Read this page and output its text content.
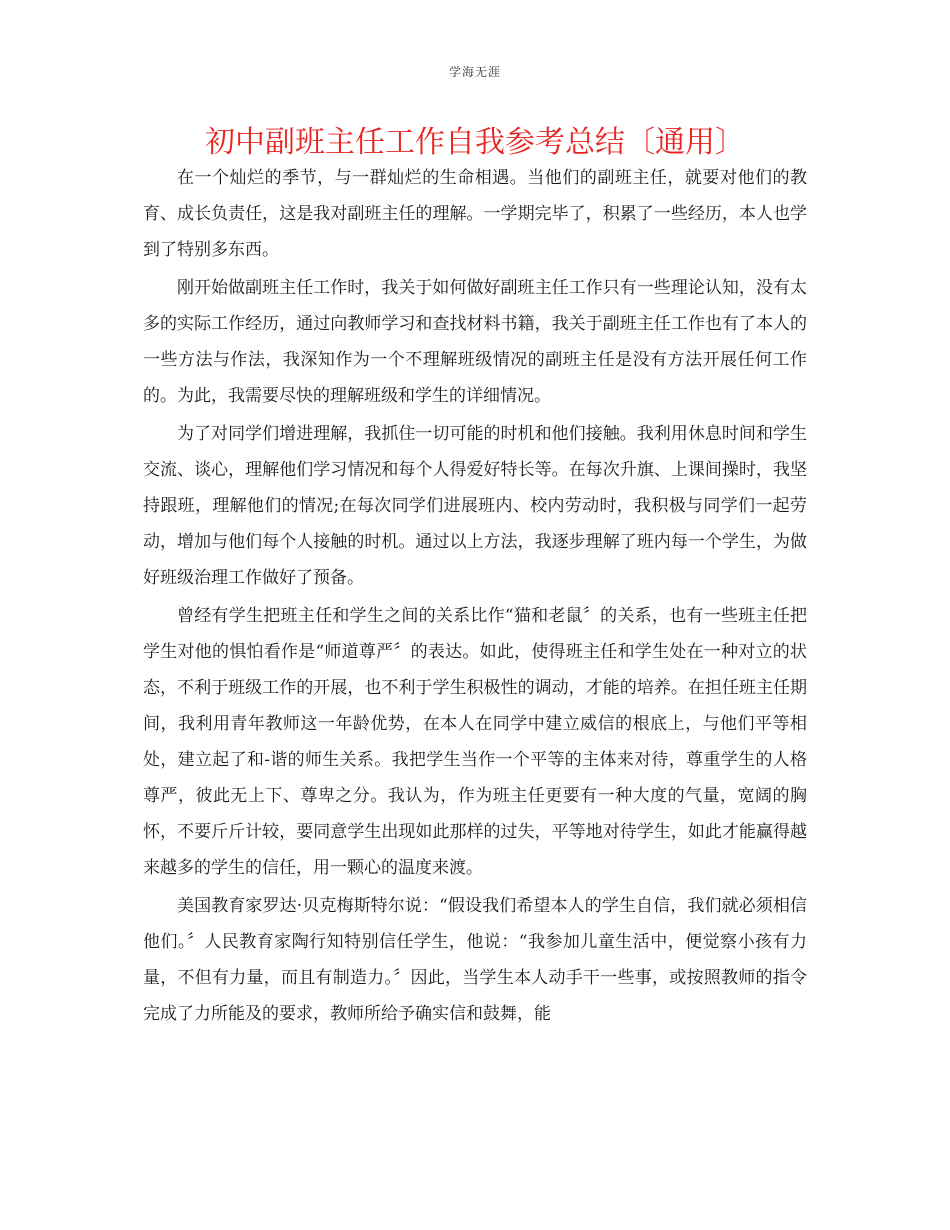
学海无涯
初中副班主任工作自我参考总结〔通用〕

在一个灿烂的季节，与一群灿烂的生命相遇。当他们的副班主任，就要对他们的教育、成长负责任，这是我对副班主任的理解。一学期完毕了，积累了一些经历，本人也学到了特别多东西。

刚开始做副班主任工作时，我关于如何做好副班主任工作只有一些理论认知，没有太多的实际工作经历，通过向教师学习和查找材料书籍，我关于副班主任工作也有了本人的一些方法与作法，我深知作为一个不理解班级情况的副班主任是没有方法开展任何工作的。为此，我需要尽快的理解班级和学生的详细情况。

为了对同学们增进理解，我抓住一切可能的时机和他们接触。我利用休息时间和学生交流、谈心，理解他们学习情况和每个人得爱好特长等。在每次升旗、上课间操时，我坚持跟班，理解他们的情况;在每次同学们进展班内、校内劳动时，我积极与同学们一起劳动，增加与他们每个人接触的时机。通过以上方法，我逐步理解了班内每一个学生，为做好班级治理工作做好了预备。

曾经有学生把班主任和学生之间的关系比作“猫和老鼠〞的关系，也有一些班主任把学生对他的惧怕看作是“师道尊严〞的表达。如此，使得班主任和学生处在一种对立的状态，不利于班级工作的开展，也不利于学生积极性的调动，才能的培养。在担任班主任期间，我利用青年教师这一年龄优势，在本人在同学中建立威信的根底上，与他们平等相处，建立起了和-谐的师生关系。我把学生当作一个平等的主体来对待，尊重学生的人格尊严，彼此无上下、尊卑之分。我认为，作为班主任更要有一种大度的气量，宽阔的胸怀，不要斤斤计较，要同意学生出现如此那样的过失，平等地对待学生，如此才能赢得越来越多的学生的信任，用一颗心的温度来渡。

美国教育家罗达·贝克梅斯特尔说：“假设我们希望本人的学生自信，我们就必须相信他们。〞人民教育家陶行知特别信任学生，他说：“我参加儿童生活中，便觉察小孩有力量，不但有力量，而且有制造力。〞因此，当学生本人动手干一些事，或按照教师的指令完成了力所能及的要求，教师所给予确实信和鼓舞，能
